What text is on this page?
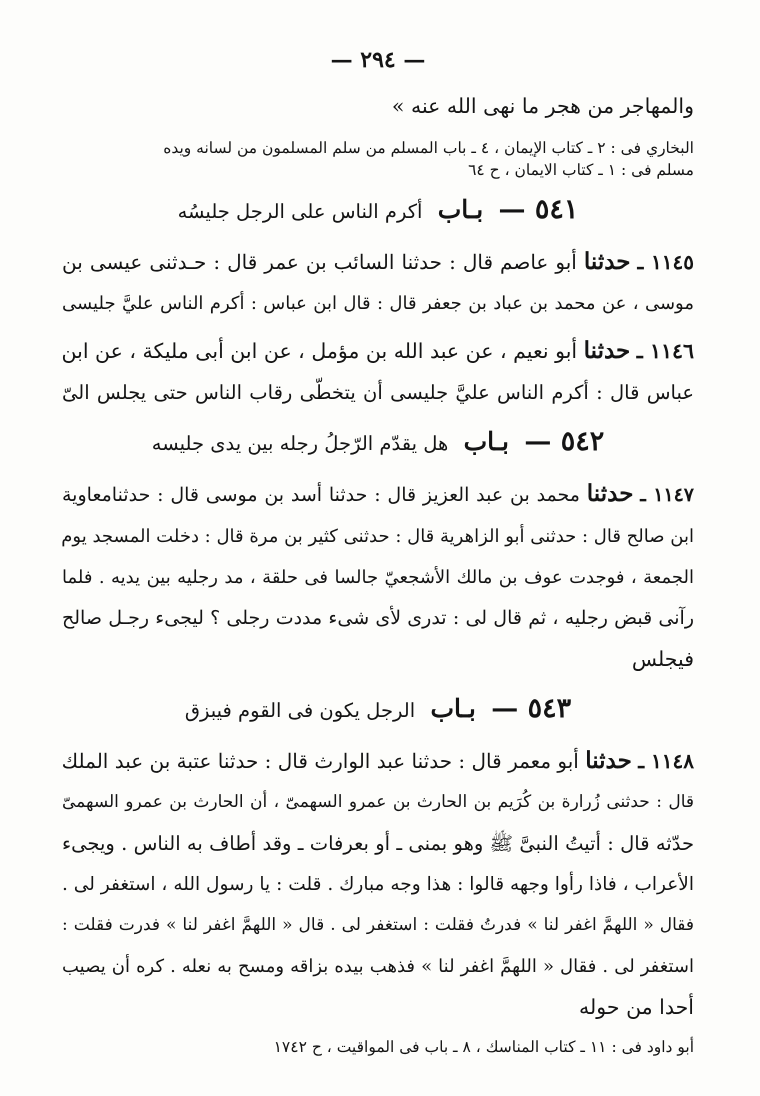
— ٢٩٤ —
والمهاجر من هجر ما نهى الله عنه »
البخاري فى : ٢ ـ كتاب الإيمان ، ٤ ـ باب المسلم من سلم المسلمون من لسانه ويده
مسلم فى : ١ ـ كتاب الايمان ، ح ٦٤
٥٤١ — بـاب أكرم الناس على الرجل جليسُه
١١٤٥ ـ حدثنا أبو عاصم قال : حدثنا السائب بن عمر قال : حـدثنى عيسى بن
موسى ، عن محمد بن عباد بن جعفر قال : قال ابن عباس : أكرم الناس عليَّ جليسى
١١٤٦ ـ حدثنا أبو نعيم ، عن عبد الله بن مؤمل ، عن ابن أبى مليكة ، عن ابن
عباس قال : أكرم الناس عليَّ جليسى أن يتخطّى رقاب الناس حتى يجلس الىّ
٥٤٢ — بـاب هل يقدّم الرّجلُ رجله بين يدى جليسه
١١٤٧ ـ حدثنا محمد بن عبد العزيز قال : حدثنا أسد بن موسى قال : حدثنامعاوية
ابن صالح قال : حدثنى أبو الزاهرية قال : حدثنى كثير بن مرة قال : دخلت المسجد يوم
الجمعة ، فوجدت عوف بن مالك الأشجعيّ جالسا فى حلقة ، مد رجليه بين يديه . فلما
رآنى قبض رجليه ، ثم قال لى : تدرى لأى شىء مددت رجلى ؟ ليجىء رجـل صالح
فيجلس
٥٤٣ — بـاب الرجل يكون فى القوم فيبزق
١١٤٨ ـ حدثنا أبو معمر قال : حدثنا عبد الوارث قال : حدثنا عتبة بن عبد الملك
قال : حدثنى زُرارة بن كُرَيم بن الحارث بن عمرو السهمىّ ، أن الحارث بن عمرو السهمىّ
حدّثه قال : أتيتُ النبىَّ ﷺ وهو بمنى ـ أو بعرفات ـ وقد أطاف به الناس . ويجىء
الأعراب ، فاذا رأوا وجهه قالوا : هذا وجه مبارك . قلت : يا رسول الله ، استغفر لى .
فقال « اللهمَّ اغفر لنا » فدرتُ فقلت : استغفر لى . قال « اللهمَّ اغفر لنا » فدرت فقلت :
استغفر لى . فقال « اللهمَّ اغفر لنا » فذهب بيده بزاقه ومسح به نعله . كره أن يصيب
أحدا من حوله
أبو داود فى : ١١ ـ كتاب المناسك ، ٨ ـ باب فى المواقيت ، ح ١٧٤٢
